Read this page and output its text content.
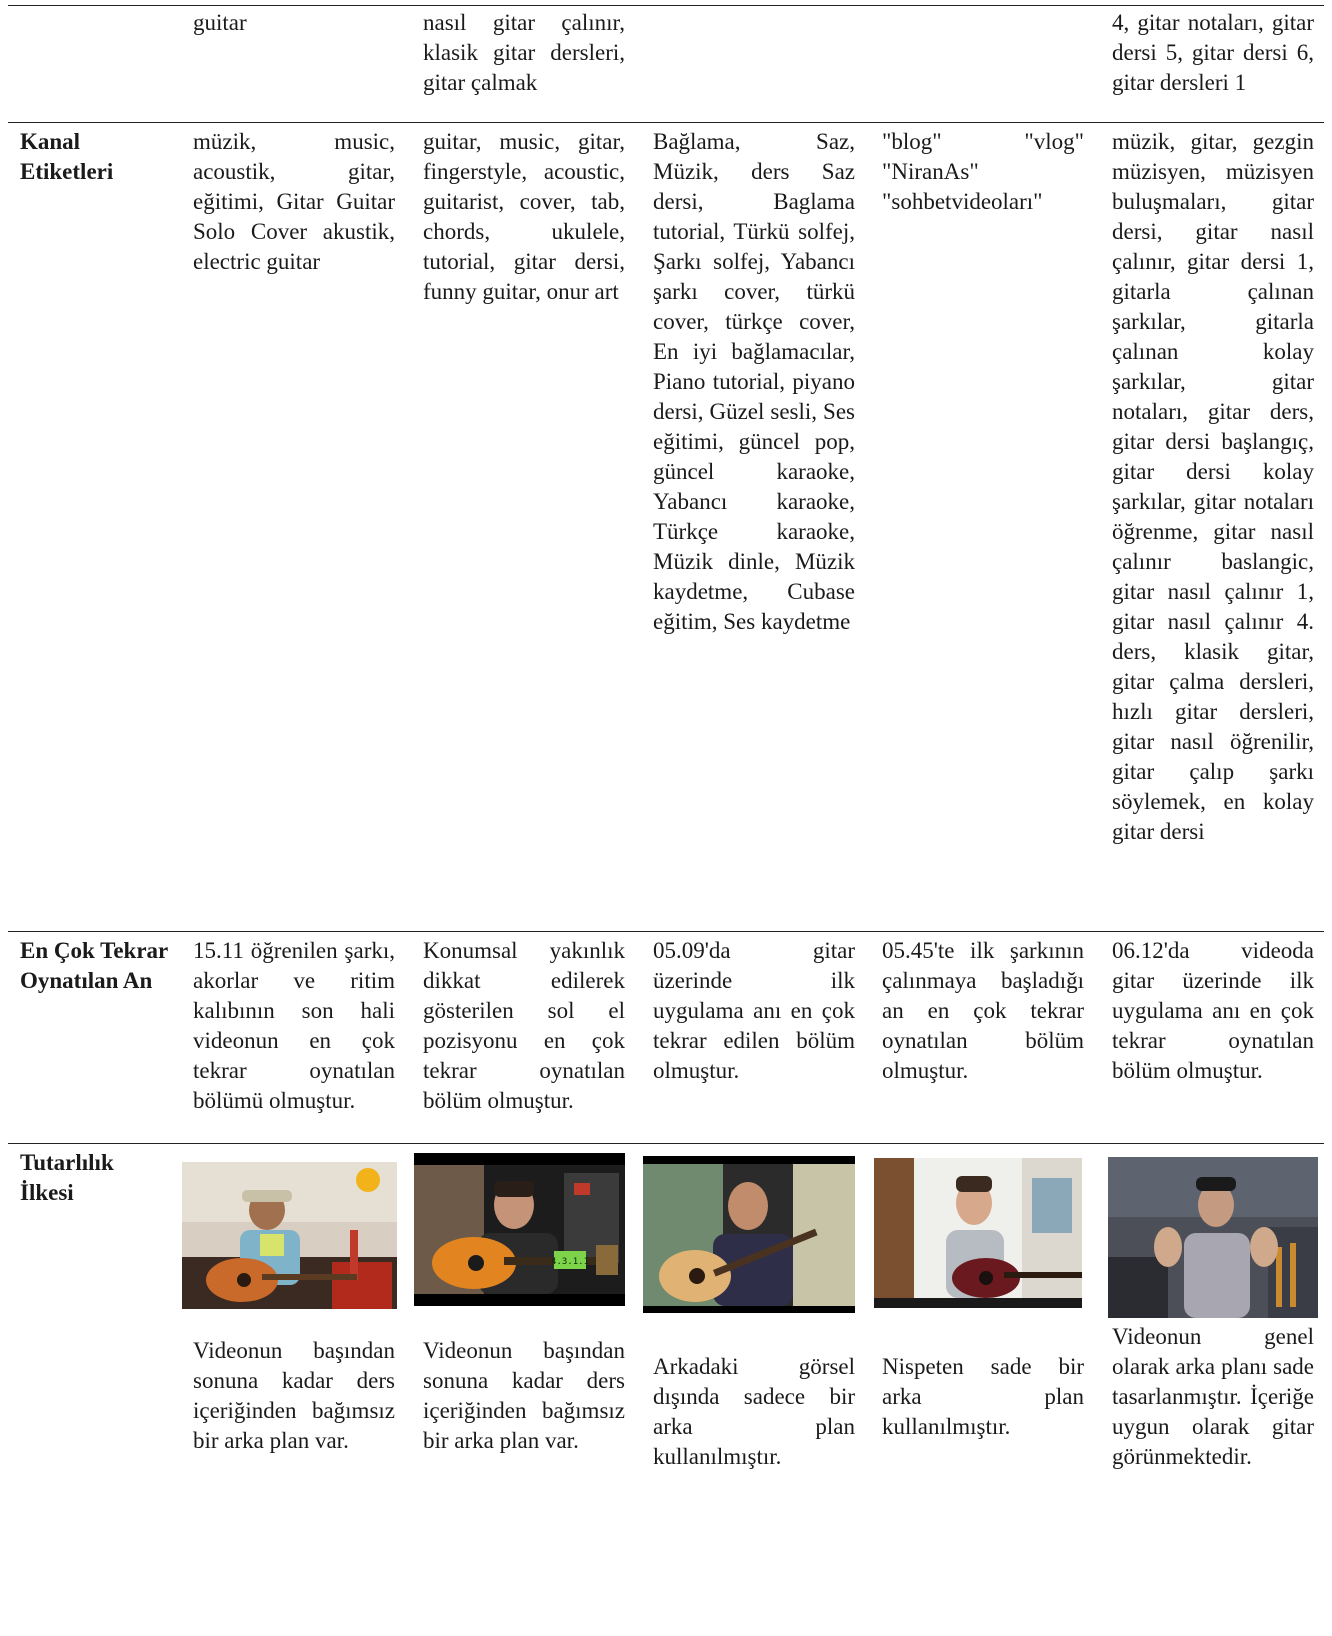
guitar	nasıl gitar çalınır, klasik gitar dersleri, gitar çalmak
4, gitar notaları, gitar dersi 5, gitar dersi 6, gitar dersleri 1
Kanal Etiketleri
müzik, music, acoustik, gitar, eğitimi, Gitar Guitar Solo Cover akustik, electric guitar
guitar, music, gitar, fingerstyle, acoustic, guitarist, cover, tab, chords, ukulele, tutorial, gitar dersi, funny guitar, onur art
Bağlama, Saz, Müzik, ders Saz dersi, Baglama tutorial, Türkü solfej, Şarkı solfej, Yabancı şarkı cover, türkü cover, türkçe cover, En iyi bağlamacılar, Piano tutorial, piyano dersi, Güzel sesli, Ses eğitimi, güncel pop, güncel karaoke, Yabancı karaoke, Türkçe karaoke, Müzik dinle, Müzik kaydetme, Cubase eğitim, Ses kaydetme
"blog" "vlog" "NiranAs" "sohbetvideoları"
müzik, gitar, gezgin müzisyen, müzisyen buluşmaları, gitar dersi, gitar nasıl çalınır, gitar dersi 1, gitarla çalınan şarkılar, gitarla çalınan kolay şarkılar, gitar notaları, gitar ders, gitar dersi başlangıç, gitar dersi kolay şarkılar, gitar notaları öğrenme, gitar nasıl çalınır baslangic, gitar nasıl çalınır 1, gitar nasıl çalınır 4. ders, klasik gitar, gitar çalma dersleri, hızlı gitar dersleri, gitar nasıl öğrenilir, gitar çalıp şarkı söylemek, en kolay gitar dersi
En Çok Tekrar Oynatılan An
15.11 öğrenilen şarkı, akorlar ve ritim kalıbının son hali videonun en çok tekrar oynatılan bölümü olmuştur.
Konumsal yakınlık dikkat edilerek gösterilen sol el pozisyonu en çok tekrar oynatılan bölüm olmuştur.
05.09'da gitar üzerinde ilk uygulama anı en çok tekrar edilen bölüm olmuştur.
05.45'te ilk şarkının çalınmaya başladığı an en çok tekrar oynatılan bölüm olmuştur.
06.12'da videoda gitar üzerinde ilk uygulama anı en çok tekrar oynatılan bölüm olmuştur.
Tutarlılık İlkesi
4.3.1.1
Videonun başından sonuna kadar ders içeriğinden bağımsız bir arka plan var.
Videonun başından sonuna kadar ders içeriğinden bağımsız bir arka plan var.
Arkadaki görsel dışında sadece bir arka plan kullanılmıştır.
Nispeten sade bir arka plan kullanılmıştır.
Videonun genel olarak arka planı sade tasarlanmıştır. İçeriğe uygun olarak gitar görünmektedir.
